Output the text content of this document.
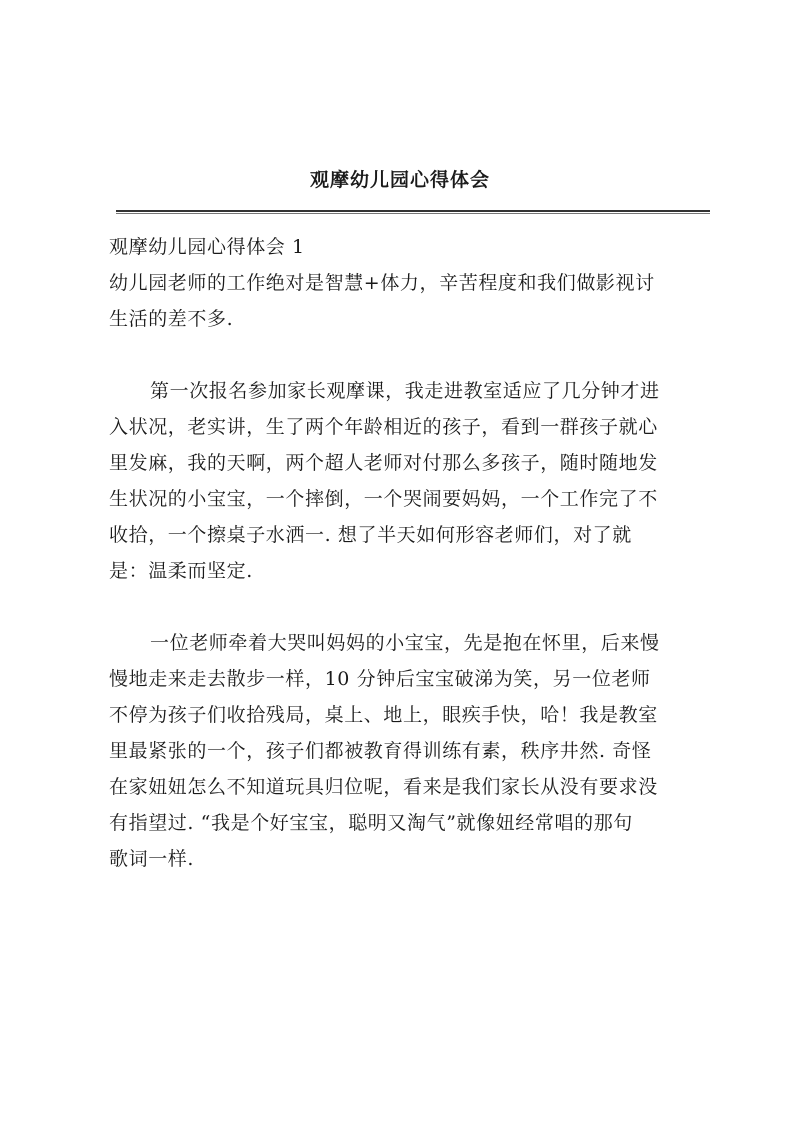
观摩幼儿园心得体会
观摩幼儿园心得体会 1
幼儿园老师的工作绝对是智慧+体力，辛苦程度和我们做影视讨
生活的差不多.
第一次报名参加家长观摩课，我走进教室适应了几分钟才进
入状况，老实讲，生了两个年龄相近的孩子，看到一群孩子就心
里发麻，我的天啊，两个超人老师对付那么多孩子，随时随地发
生状况的小宝宝，一个摔倒，一个哭闹要妈妈，一个工作完了不
收拾，一个擦桌子水洒一. 想了半天如何形容老师们，对了就
是：温柔而坚定.
一位老师牵着大哭叫妈妈的小宝宝，先是抱在怀里，后来慢
慢地走来走去散步一样，10 分钟后宝宝破涕为笑，另一位老师
不停为孩子们收拾残局，桌上、地上，眼疾手快，哈！我是教室
里最紧张的一个，孩子们都被教育得训练有素，秩序井然. 奇怪
在家妞妞怎么不知道玩具归位呢，看来是我们家长从没有要求没
有指望过. “我是个好宝宝，聪明又淘气”就像妞经常唱的那句
歌词一样.
